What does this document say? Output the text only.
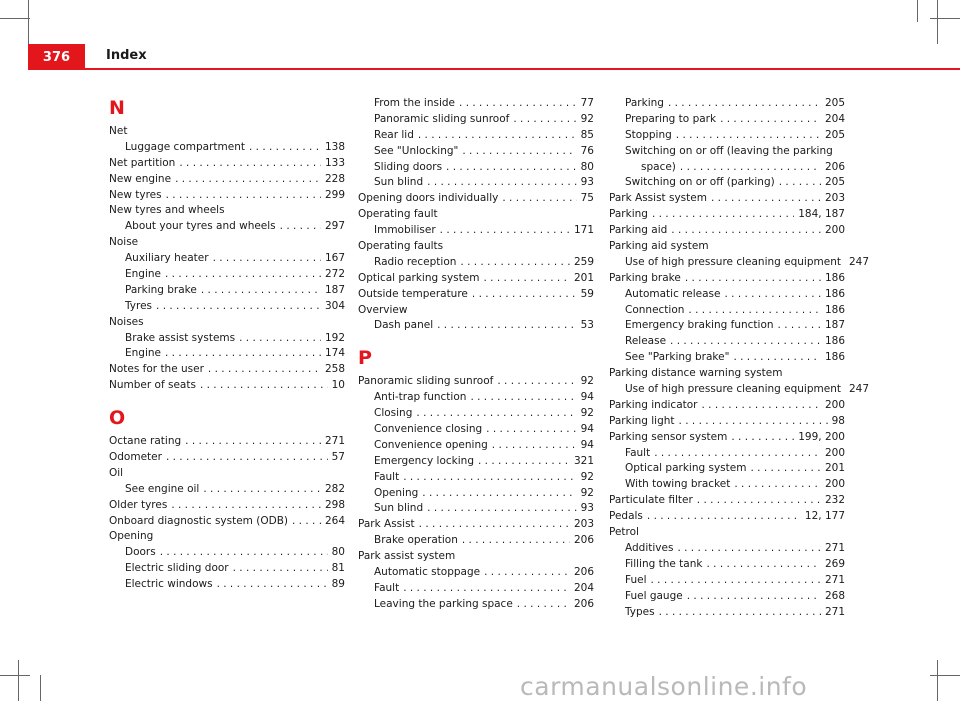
376	Index
N
Net
Luggage compartment . . .	138
Net partition . . .	133
New engine . . .	228
New tyres . . .	299
New tyres and wheels
About your tyres and wheels . . .	297
Noise
Auxiliary heater . . .	167
Engine . . .	272
Parking brake . . .	187
Tyres . . .	304
Noises
Brake assist systems . . .	192
Engine . . .	174
Notes for the user . . .	258
Number of seats . . .	10
O
Octane rating . . .	271
Odometer . . .	57
Oil
See engine oil . . .	282
Older tyres . . .	298
Onboard diagnostic system (ODB) . . .	264
Opening
Doors . . .	80
Electric sliding door . . .	81
Electric windows . . .	89
From the inside . . .	77
Panoramic sliding sunroof . . .	92
Rear lid . . .	85
See "Unlocking" . . .	76
Sliding doors . . .	80
Sun blind . . .	93
Opening doors individually . . .	75
Operating fault
Immobiliser . . .	171
Operating faults
Radio reception . . .	259
Optical parking system . . .	201
Outside temperature . . .	59
Overview
Dash panel . . .	53
P
Panoramic sliding sunroof . . .	92
Anti-trap function . . .	94
Closing . . .	92
Convenience closing . . .	94
Convenience opening . . .	94
Emergency locking . . .	321
Fault . . .	92
Opening . . .	92
Sun blind . . .	93
Park Assist . . .	203
Brake operation . . .	206
Park assist system
Automatic stoppage . . .	206
Fault . . .	204
Leaving the parking space . . .	206
Parking . . .	205
Preparing to park . . .	204
Stopping . . .	205
Switching on or off (leaving the parking
space) . . .	206
Switching on or off (parking) . . .	205
Park Assist system . . .	203
Parking . . .	184, 187
Parking aid . . .	200
Parking aid system
Use of high pressure cleaning equipment 247
Parking brake . . .	186
Automatic release . . .	186
Connection . . .	186
Emergency braking function . . .	187
Release . . .	186
See "Parking brake" . . .	186
Parking distance warning system
Use of high pressure cleaning equipment 247
Parking indicator . . .	200
Parking light . . .	98
Parking sensor system . . .	199, 200
Fault . . .	200
Optical parking system . . .	201
With towing bracket . . .	200
Particulate filter . . .	232
Pedals . . .	12, 177
Petrol
Additives . . .	271
Filling the tank . . .	269
Fuel . . .	271
Fuel gauge . . .	268
Types . . .	271
carmanualsonline.info
